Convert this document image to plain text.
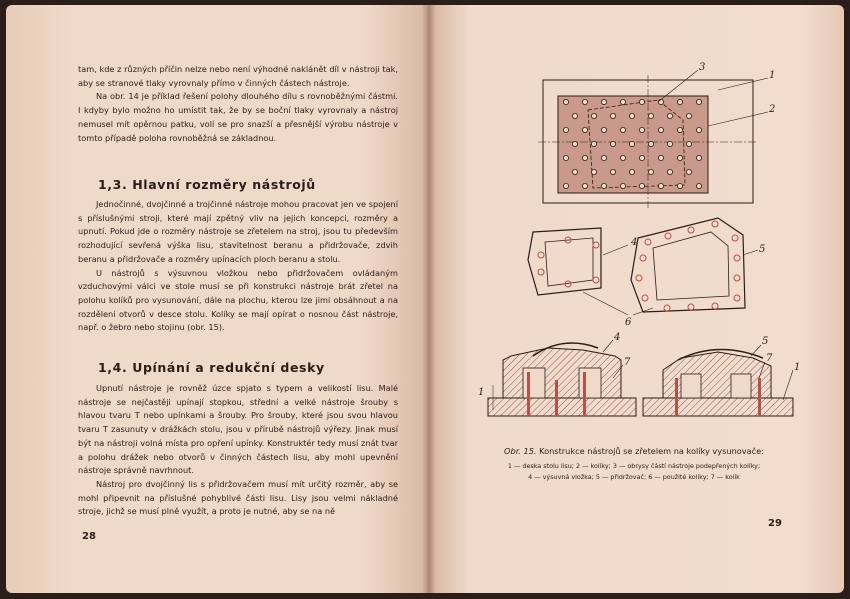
tam, kde z různých příčin nelze nebo není výhodné naklánět díl v nástroji tak, aby se stranové tlaky vyrovnaly přímo v činných částech nástroje.

Na obr. 14 je příklad řešení polohy dlouhého dílu s rovnoběžnými částmi. I kdyby bylo možno ho umístit tak, že by se boční tlaky vyrovnaly a nástroj nemusel mít opěrnou patku, volí se pro snazší a přesnější výrobu nástroje v tomto případě poloha rovnoběžná se základnou.

1,3. Hlavní rozměry nástrojů

Jednočinné, dvojčinné a trojčinné nástroje mohou pracovat jen ve spojení s příslušnými stroji, které mají zpětný vliv na jejich koncepci, rozměry a upnutí. Pokud jde o rozměry nástroje se zřetelem na stroj, jsou tu především rozhodující sevřená výška lisu, stavitelnost beranu a přidržovače, zdvih beranu a přidržovače a rozměry upínacích ploch beranu a stolu.

U nástrojů s výsuvnou vložkou nebo přidržovačem ovládaným vzduchovými válci ve stole musí se při konstrukci nástroje brát zřetel na polohu kolíků pro vysunování, dále na plochu, kterou lze jimi obsáhnout a na rozdělení otvorů v desce stolu. Kolíky se mají opírat o nosnou část nástroje, např. o žebro nebo stojinu (obr. 15).

1,4. Upínání a redukční desky

Upnutí nástroje je rovněž úzce spjato s typem a velikostí lisu. Malé nástroje se nejčastěji upínají stopkou, střední a velké nástroje šrouby s hlavou tvaru T nebo upínkami a šrouby. Pro šrouby, které jsou svou hlavou tvaru T zasunuty v drážkách stolu, jsou v přírubě nástrojů výřezy. Jinak musí být na nástroji volná místa pro opření upínky. Konstruktér tedy musí znát tvar a polohu drážek nebo otvorů v činných částech lisu, aby mohl upevnění nástroje správně navrhnout.

Nástroj pro dvojčinný lis s přidržovačem musí mít určitý rozměr, aby se mohl připevnit na příslušné pohyblivé části lisu. Lisy jsou velmi nákladné stroje, jichž se musí plně využít, a proto je nutné, aby se na ně

28
1
2
3
4
5
6
1
4
7
5
7
1
Obr. 15. Konstrukce nástrojů se zřetelem na kolíky vysunovače:
1 — deska stolu lisu; 2 — kolíky; 3 — obrysy částí nástroje podepřených kolíky;
4 — výsuvná vložka; 5 — přidržovač; 6 — použité kolíky; 7 — kolík
29
